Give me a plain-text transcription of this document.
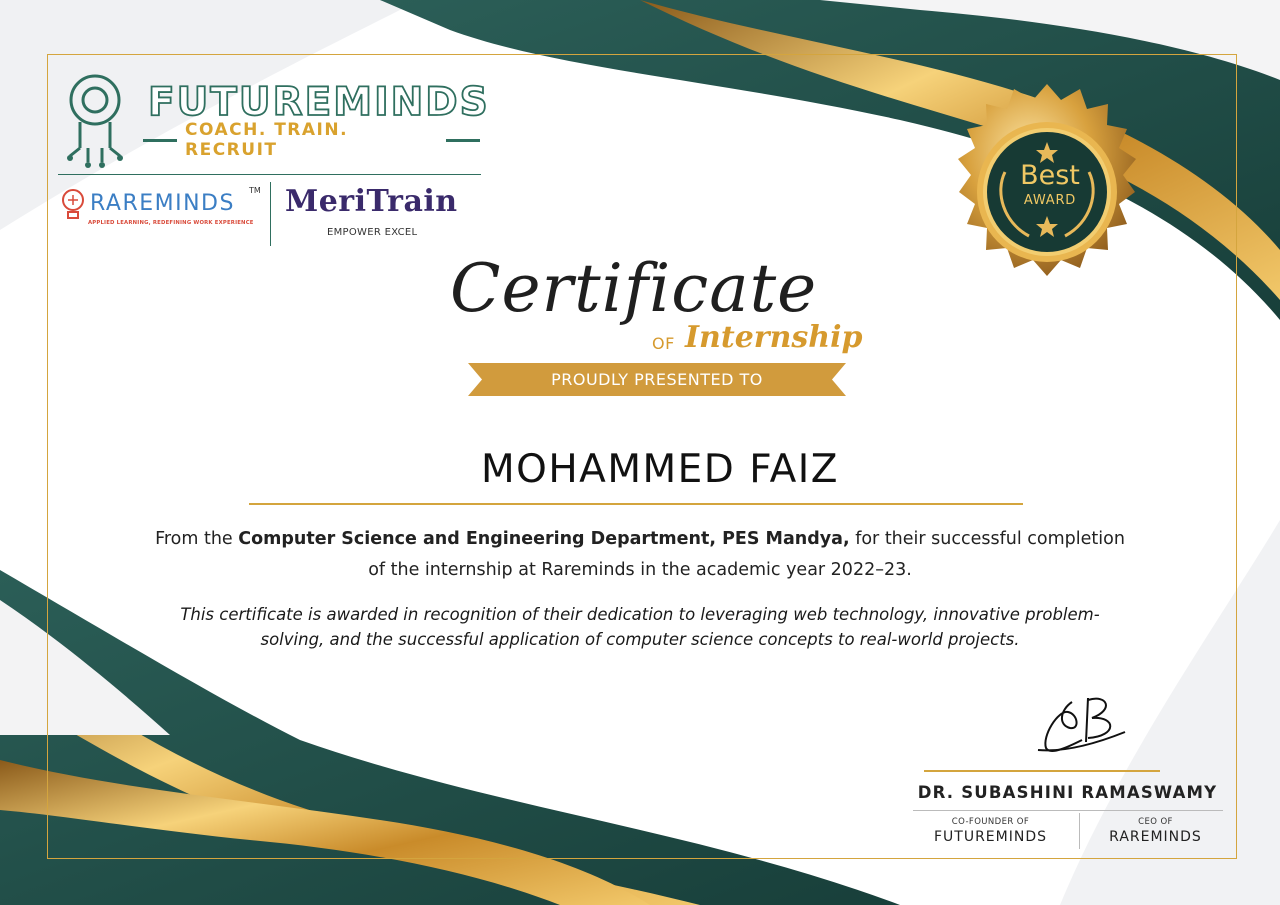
FUTUREMINDS
COACH. TRAIN. RECRUIT
RAREMINDS
TM
APPLIED LEARNING, REDEFINING WORK EXPERIENCE
MeriTrain
EMPOWER EXCEL
Best
AWARD
Certificate
OF Internship
PROUDLY PRESENTED TO
MOHAMMED FAIZ
From the Computer Science and Engineering Department, PES Mandya, for their successful completion of the internship at Rareminds in the academic year 2022–23.
This certificate is awarded in recognition of their dedication to leveraging web technology, innovative problem-solving, and the successful application of computer science concepts to real-world projects.
DR. SUBASHINI RAMASWAMY
CO-FOUNDER OF
FUTUREMINDS
CEO OF
RAREMINDS
